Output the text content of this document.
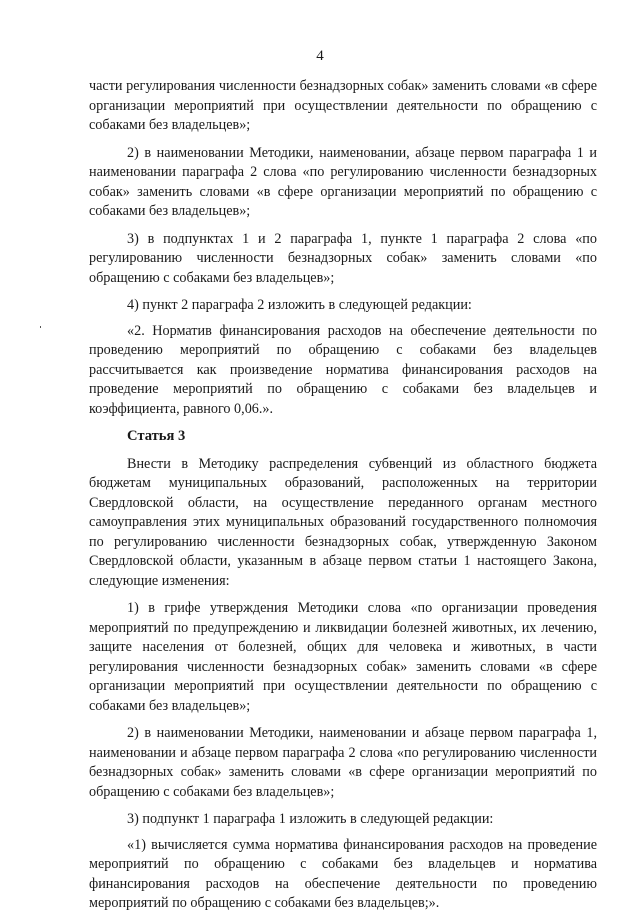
4

части регулирования численности безнадзорных собак» заменить словами «в сфере организации мероприятий при осуществлении деятельности по обращению с собаками без владельцев»;

2) в наименовании Методики, наименовании, абзаце первом параграфа 1 и наименовании параграфа 2 слова «по регулированию численности безнадзорных собак» заменить словами «в сфере организации мероприятий по обращению с собаками без владельцев»;

3) в подпунктах 1 и 2 параграфа 1, пункте 1 параграфа 2 слова «по регулированию численности безнадзорных собак» заменить словами «по обращению с собаками без владельцев»;

4) пункт 2 параграфа 2 изложить в следующей редакции:

«2. Норматив финансирования расходов на обеспечение деятельности по проведению мероприятий по обращению с собаками без владельцев рассчитывается как произведение норматива финансирования расходов на проведение мероприятий по обращению с собаками без владельцев и коэффициента, равного 0,06.».

Статья 3

Внести в Методику распределения субвенций из областного бюджета бюджетам муниципальных образований, расположенных на территории Свердловской области, на осуществление переданного органам местного самоуправления этих муниципальных образований государственного полномочия по регулированию численности безнадзорных собак, утвержденную Законом Свердловской области, указанным в абзаце первом статьи 1 настоящего Закона, следующие изменения:

1) в грифе утверждения Методики слова «по организации проведения мероприятий по предупреждению и ликвидации болезней животных, их лечению, защите населения от болезней, общих для человека и животных, в части регулирования численности безнадзорных собак» заменить словами «в сфере организации мероприятий при осуществлении деятельности по обращению с собаками без владельцев»;

2) в наименовании Методики, наименовании и абзаце первом параграфа 1, наименовании и абзаце первом параграфа 2 слова «по регулированию численности безнадзорных собак» заменить словами «в сфере организации мероприятий по обращению с собаками без владельцев»;

3) подпункт 1 параграфа 1 изложить в следующей редакции:

«1) вычисляется сумма норматива финансирования расходов на проведение мероприятий по обращению с собаками без владельцев и норматива финансирования расходов на обеспечение деятельности по проведению мероприятий по обращению с собаками без владельцев;».
